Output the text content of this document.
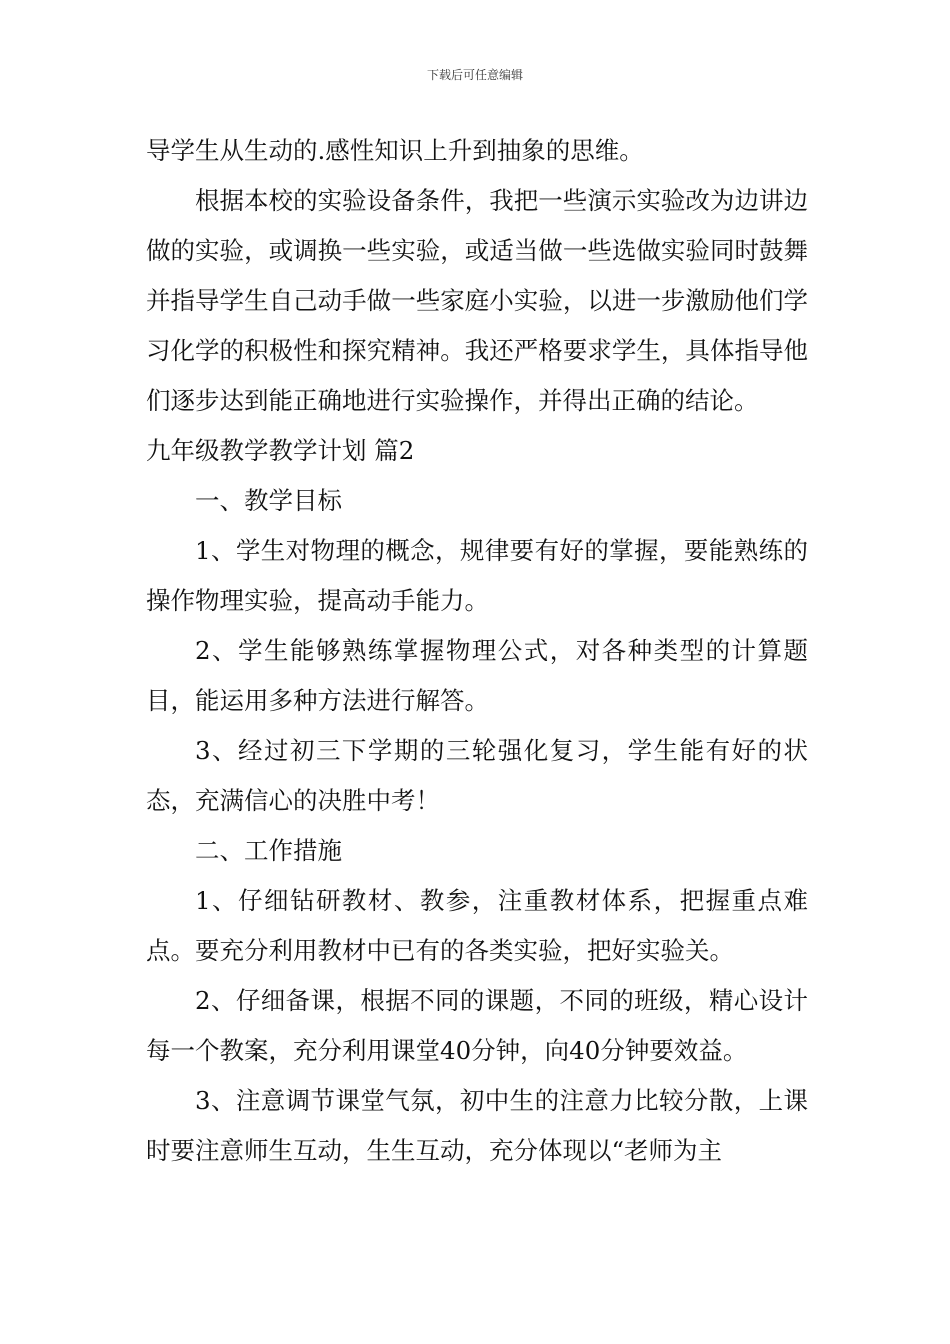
下载后可任意编辑

导学生从生动的.感性知识上升到抽象的思维。

根据本校的实验设备条件，我把一些演示实验改为边讲边做的实验，或调换一些实验，或适当做一些选做实验同时鼓舞并指导学生自己动手做一些家庭小实验，以进一步激励他们学习化学的积极性和探究精神。我还严格要求学生，具体指导他们逐步达到能正确地进行实验操作，并得出正确的结论。

九年级教学教学计划 篇2

一、教学目标

1、学生对物理的概念，规律要有好的掌握，要能熟练的操作物理实验，提高动手能力。

2、学生能够熟练掌握物理公式，对各种类型的计算题目，能运用多种方法进行解答。

3、经过初三下学期的三轮强化复习，学生能有好的状态，充满信心的决胜中考！

二、工作措施

1、仔细钻研教材、教参，注重教材体系，把握重点难点。要充分利用教材中已有的各类实验，把好实验关。

2、仔细备课，根据不同的课题，不同的班级，精心设计每一个教案，充分利用课堂40分钟，向40分钟要效益。

3、注意调节课堂气氛，初中生的注意力比较分散，上课时要注意师生互动，生生互动，充分体现以“老师为主
